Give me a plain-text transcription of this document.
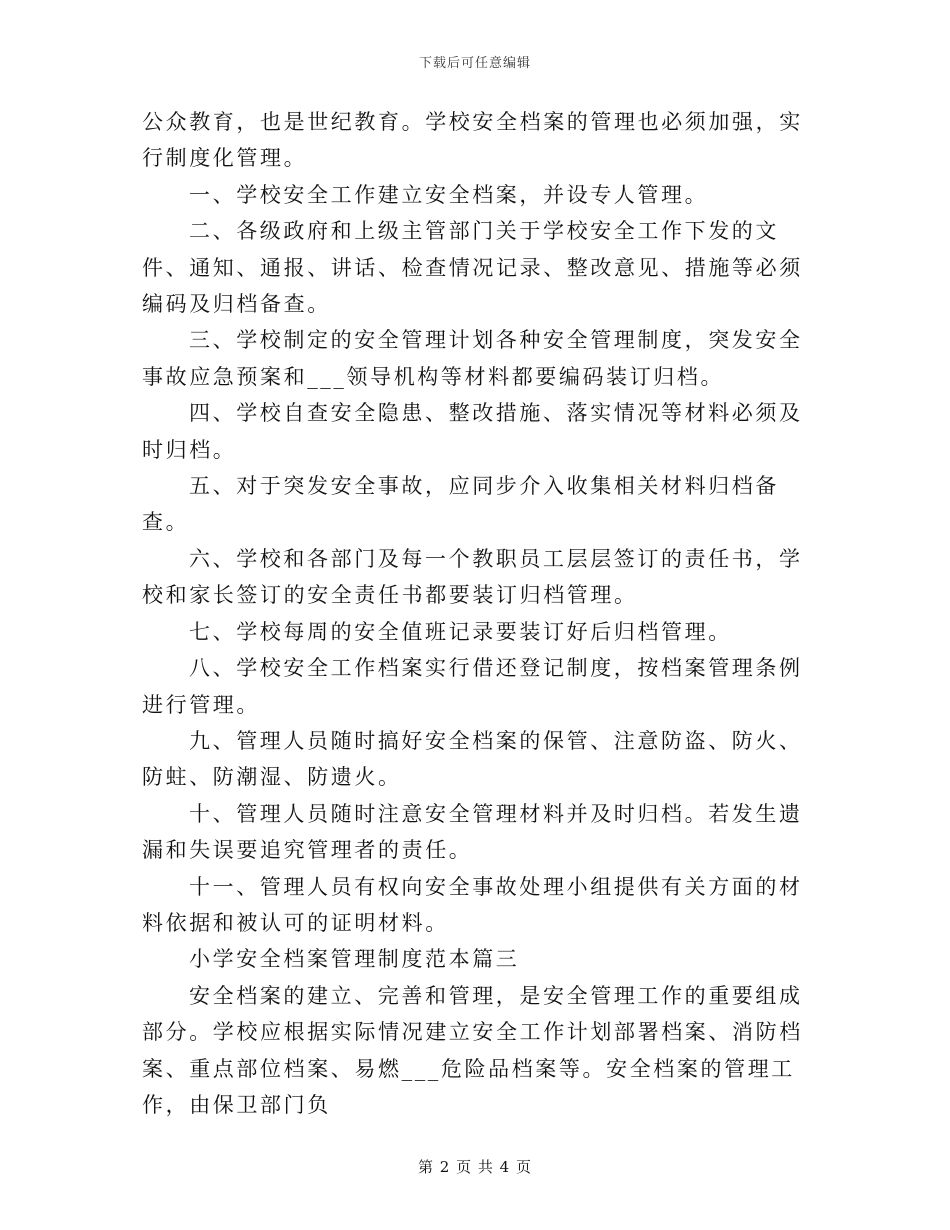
下载后可任意编辑

公众教育，也是世纪教育。学校安全档案的管理也必须加强，实行制度化管理。

一、学校安全工作建立安全档案，并设专人管理。

二、各级政府和上级主管部门关于学校安全工作下发的文件、通知、通报、讲话、检查情况记录、整改意见、措施等必须编码及归档备查。

三、学校制定的安全管理计划各种安全管理制度，突发安全事故应急预案和___领导机构等材料都要编码装订归档。

四、学校自查安全隐患、整改措施、落实情况等材料必须及时归档。

五、对于突发安全事故，应同步介入收集相关材料归档备查。

六、学校和各部门及每一个教职员工层层签订的责任书，学校和家长签订的安全责任书都要装订归档管理。

七、学校每周的安全值班记录要装订好后归档管理。

八、学校安全工作档案实行借还登记制度，按档案管理条例进行管理。

九、管理人员随时搞好安全档案的保管、注意防盗、防火、防蛀、防潮湿、防遗火。

十、管理人员随时注意安全管理材料并及时归档。若发生遗漏和失误要追究管理者的责任。

十一、管理人员有权向安全事故处理小组提供有关方面的材料依据和被认可的证明材料。

小学安全档案管理制度范本篇三

安全档案的建立、完善和管理，是安全管理工作的重要组成部分。学校应根据实际情况建立安全工作计划部署档案、消防档案、重点部位档案、易燃___危险品档案等。安全档案的管理工作，由保卫部门负

第 2 页 共 4 页
